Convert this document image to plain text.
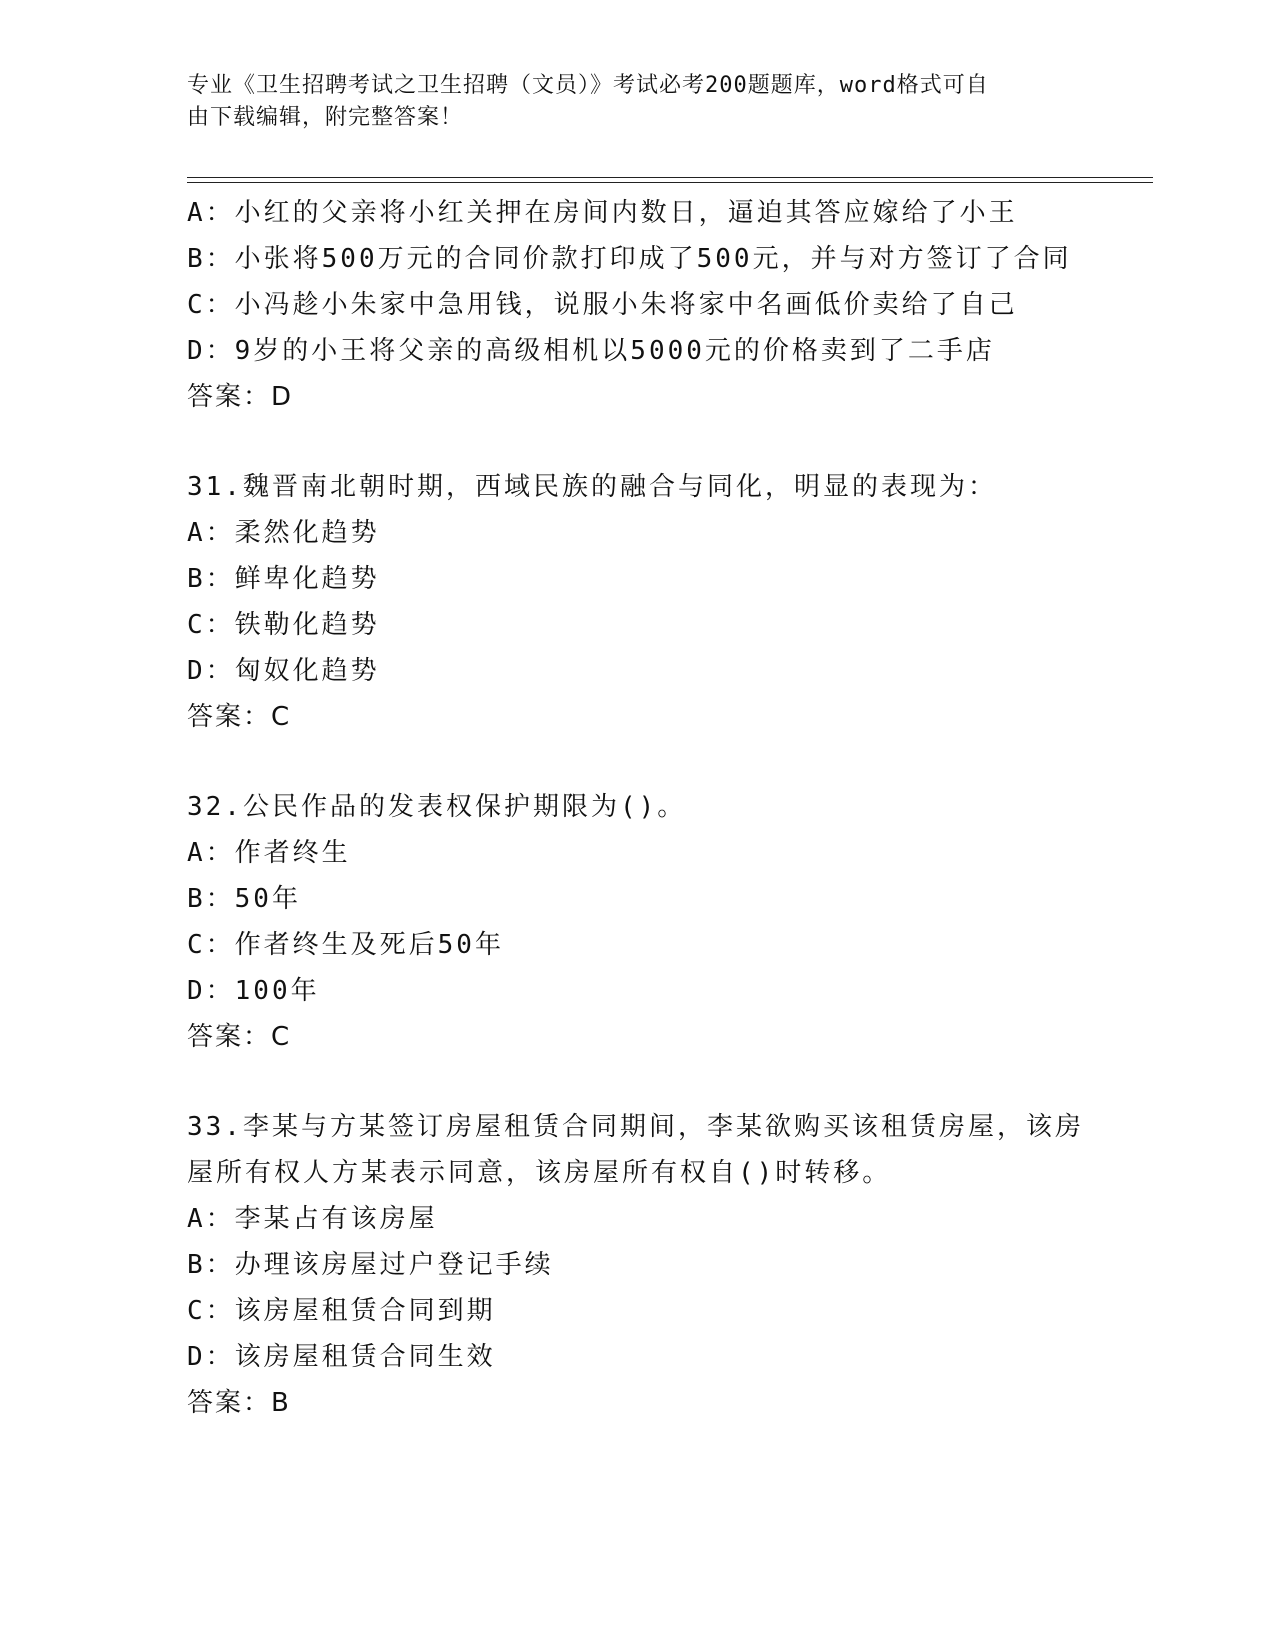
专业《卫生招聘考试之卫生招聘（文员）》考试必考200题题库，word格式可自
由下载编辑，附完整答案！
A：小红的父亲将小红关押在房间内数日，逼迫其答应嫁给了小王
B：小张将500万元的合同价款打印成了500元，并与对方签订了合同
C：小冯趁小朱家中急用钱，说服小朱将家中名画低价卖给了自己
D：9岁的小王将父亲的高级相机以5000元的价格卖到了二手店
答案：D
31.魏晋南北朝时期，西域民族的融合与同化，明显的表现为：
A：柔然化趋势
B：鲜卑化趋势
C：铁勒化趋势
D：匈奴化趋势
答案：C
32.公民作品的发表权保护期限为()。
A：作者终生
B：50年
C：作者终生及死后50年
D：100年
答案：C
33.李某与方某签订房屋租赁合同期间，李某欲购买该租赁房屋，该房
屋所有权人方某表示同意，该房屋所有权自()时转移。
A：李某占有该房屋
B：办理该房屋过户登记手续
C：该房屋租赁合同到期
D：该房屋租赁合同生效
答案：B
